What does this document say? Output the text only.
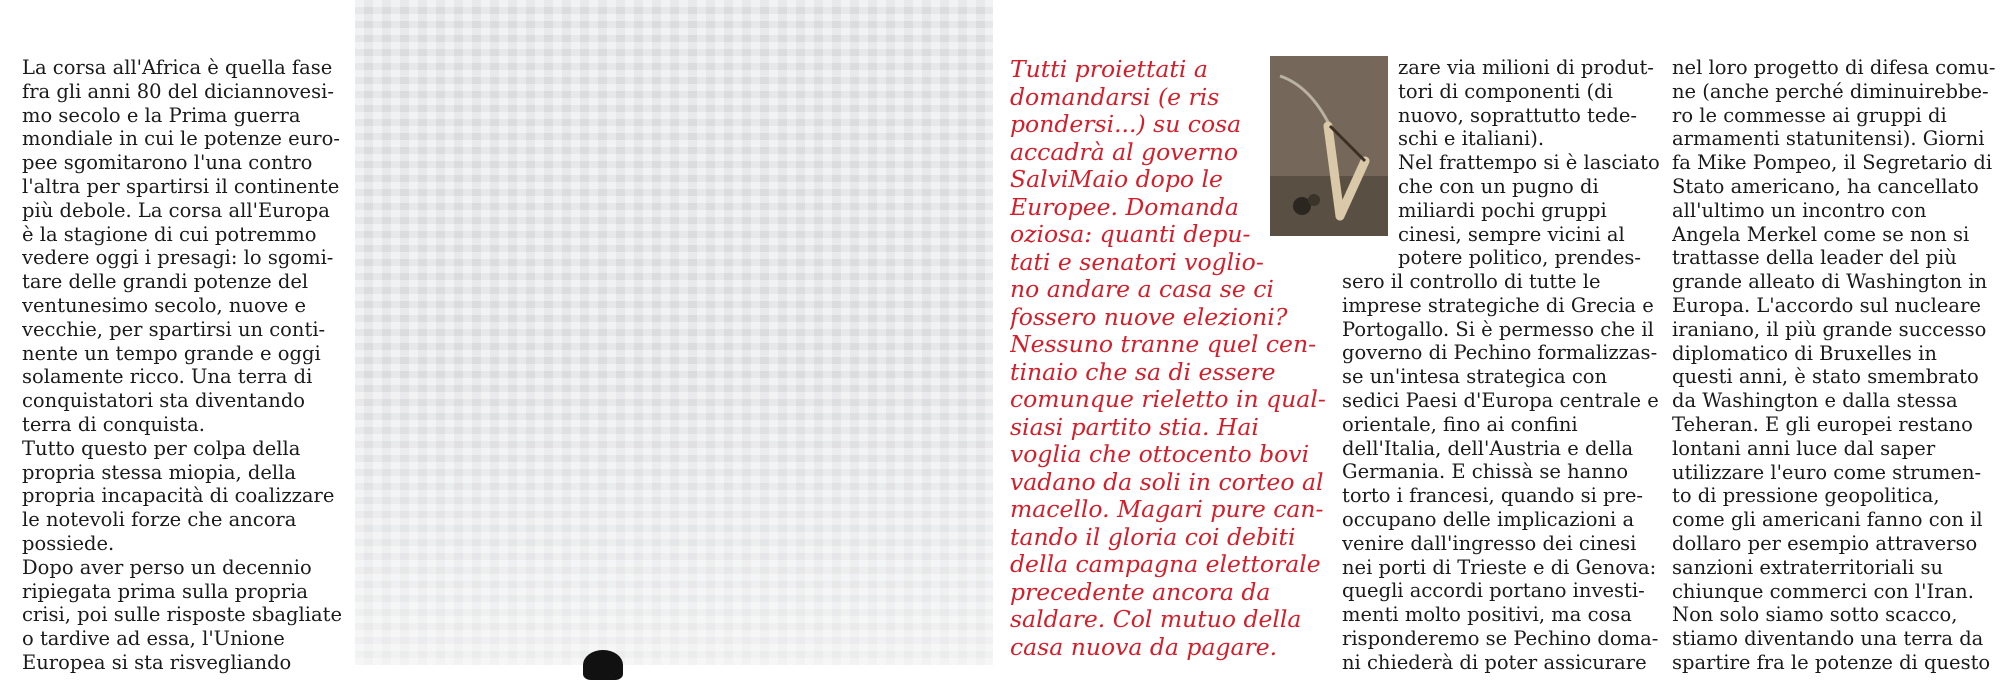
La corsa all'Africa è quella fase
fra gli anni 80 del diciannovesi-
mo secolo e la Prima guerra
mondiale in cui le potenze euro-
pee sgomitarono l'una contro
l'altra per spartirsi il continente
più debole. La corsa all'Europa
è la stagione di cui potremmo
vedere oggi i presagi: lo sgomi-
tare delle grandi potenze del
ventunesimo secolo, nuove e
vecchie, per spartirsi un conti-
nente un tempo grande e oggi
solamente ricco. Una terra di
conquistatori sta diventando
terra di conquista.
Tutto questo per colpa della
propria stessa miopia, della
propria incapacità di coalizzare
le notevoli forze che ancora
possiede.
Dopo aver perso un decennio
ripiegata prima sulla propria
crisi, poi sulle risposte sbagliate
o tardive ad essa, l'Unione
Europea si sta risvegliando
Tutti proiettati a
domandarsi (e ris
pondersi...) su cosa
accadrà al governo
SalviMaio dopo le
Europee. Domanda
oziosa: quanti depu-
tati e senatori voglio-
no andare a casa se ci
fossero nuove elezioni?
Nessuno tranne quel cen-
tinaio che sa di essere
comunque rieletto in qual-
siasi partito stia. Hai
voglia che ottocento bovi
vadano da soli in corteo al
macello. Magari pure can-
tando il gloria coi debiti
della campagna elettorale
precedente ancora da
saldare. Col mutuo della
casa nuova da pagare.
zare via milioni di produt-
tori di componenti (di
nuovo, soprattutto tede-
schi e italiani).
Nel frattempo si è lasciato
che con un pugno di
miliardi pochi gruppi
cinesi, sempre vicini al
potere politico, prendes-
sero il controllo di tutte le
imprese strategiche di Grecia e
Portogallo. Si è permesso che il
governo di Pechino formalizzas-
se un'intesa strategica con
sedici Paesi d'Europa centrale e
orientale, fino ai confini
dell'Italia, dell'Austria e della
Germania. E chissà se hanno
torto i francesi, quando si pre-
occupano delle implicazioni a
venire dall'ingresso dei cinesi
nei porti di Trieste e di Genova:
quegli accordi portano investi-
menti molto positivi, ma cosa
risponderemo se Pechino doma-
ni chiederà di poter assicurare
nel loro progetto di difesa comu-
ne (anche perché diminuirebbe-
ro le commesse ai gruppi di
armamenti statunitensi). Giorni
fa Mike Pompeo, il Segretario di
Stato americano, ha cancellato
all'ultimo un incontro con
Angela Merkel come se non si
trattasse della leader del più
grande alleato di Washington in
Europa. L'accordo sul nucleare
iraniano, il più grande successo
diplomatico di Bruxelles in
questi anni, è stato smembrato
da Washington e dalla stessa
Teheran. E gli europei restano
lontani anni luce dal saper
utilizzare l'euro come strumen-
to di pressione geopolitica,
come gli americani fanno con il
dollaro per esempio attraverso
sanzioni extraterritoriali su
chiunque commerci con l'Iran.
Non solo siamo sotto scacco,
stiamo diventando una terra da
spartire fra le potenze di questo
